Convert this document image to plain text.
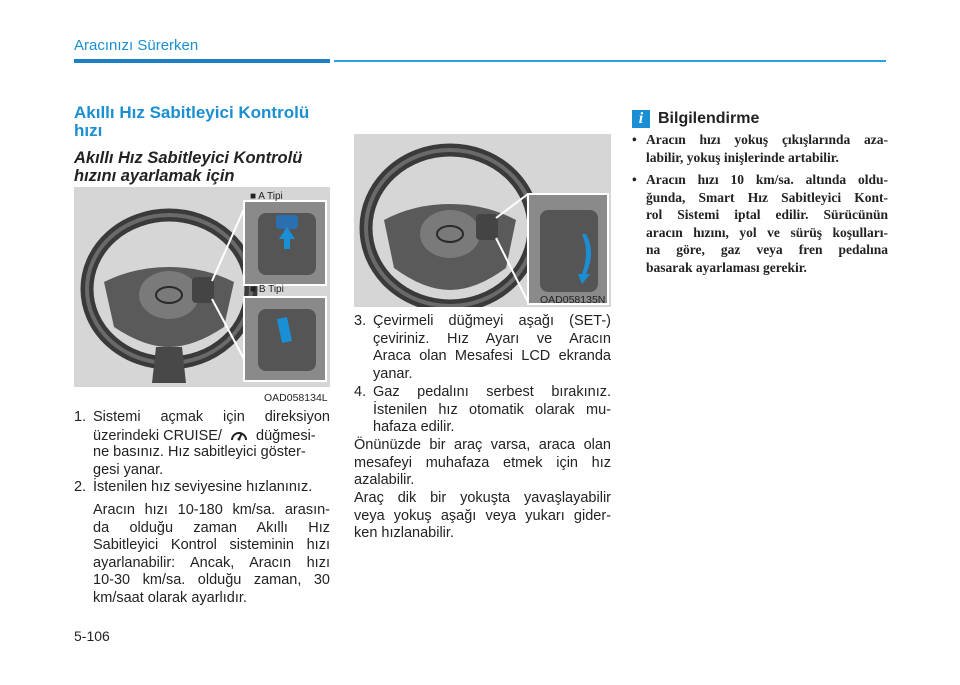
Aracınızı Sürerken
Akıllı Hız Sabitleyici Kontrolü hızı
Akıllı Hız Sabitleyici Kontrolü hızını ayarlamak için
■ A Tipi
■ B Tipi
OAD058134L
OAD058135N
1. Sistemi açmak için direksiyon
üzerindeki CRUISE/ düğmesi-
ne basınız. Hız sabitleyici göster-
gesi yanar.
2. İstenilen hız seviyesine hızlanınız.
Aracın hızı 10-180 km/sa. arasın-
da olduğu zaman Akıllı Hız
Sabitleyici Kontrol sisteminin hızı
ayarlanabilir: Ancak, Aracın hızı
10-30 km/sa. olduğu zaman, 30
km/saat olarak ayarlıdır.
3. Çevirmeli düğmeyi aşağı (SET-)
çeviriniz. Hız Ayarı ve Aracın
Araca olan Mesafesi LCD ekranda
yanar.
4. Gaz pedalını serbest bırakınız.
İstenilen hız otomatik olarak mu-
hafaza edilir.
Önünüzde bir araç varsa, araca olan
mesafeyi muhafaza etmek için hız
azalabilir.
Araç dik bir yokuşta yavaşlayabilir
veya yokuş aşağı veya yukarı gider-
ken hızlanabilir.
i Bilgilendirme
• Aracın hızı yokuş çıkışlarında aza-
labilir, yokuş inişlerinde artabilir.
• Aracın hızı 10 km/sa. altında oldu-
ğunda, Smart Hız Sabitleyici Kont-
rol Sistemi iptal edilir. Sürücünün
aracın hızını, yol ve sürüş koşulları-
na göre, gaz veya fren pedalına
basarak ayarlaması gerekir.
5-106
